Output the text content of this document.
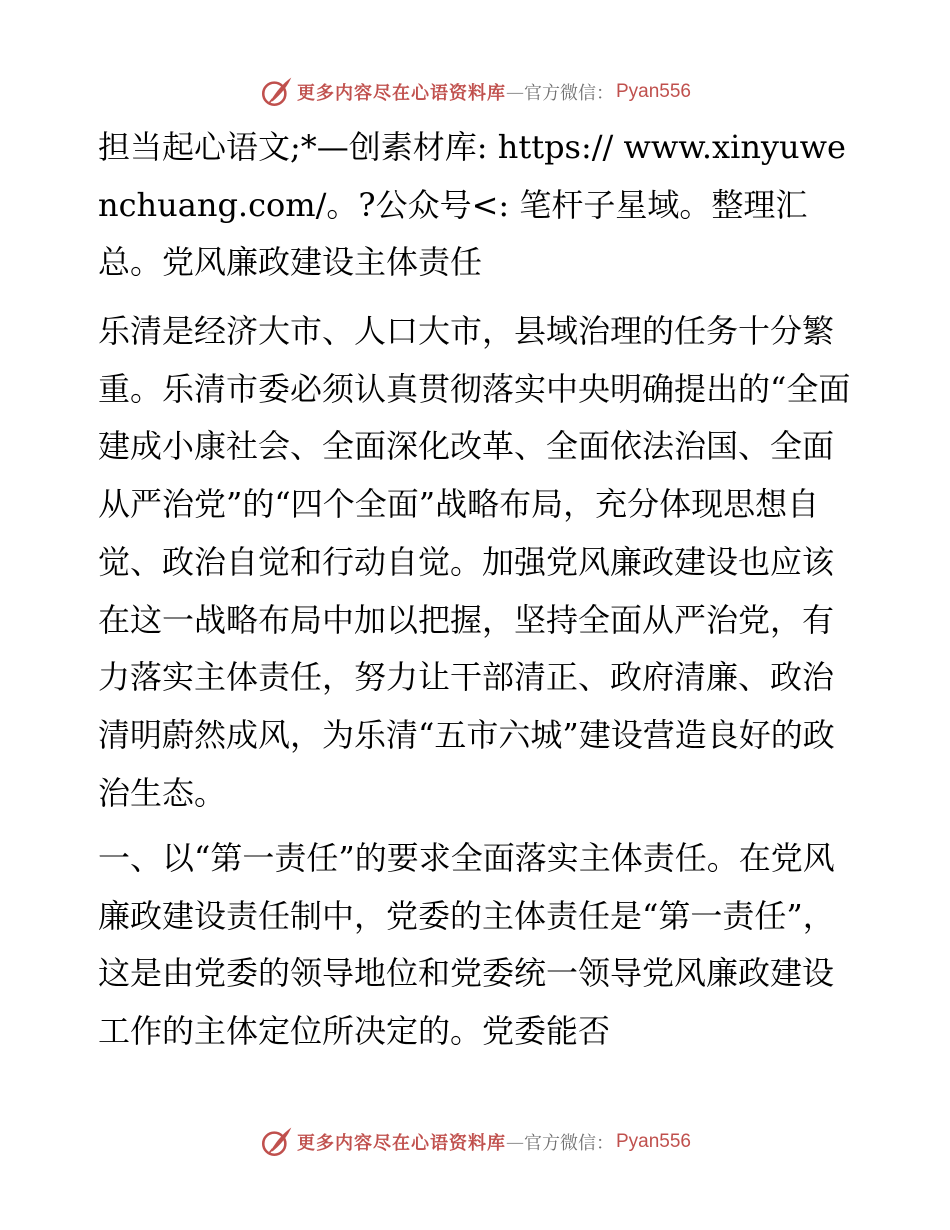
更多内容尽在心语资料库 — 官方微信： Pyan556

担当起心语文;*—创素材库: https:// www.xinyuwenchuang.com/。?公众号<: 笔杆子星域。整理汇总。党风廉政建设主体责任

乐清是经济大市、人口大市，县域治理的任务十分繁重。乐清市委必须认真贯彻落实中央明确提出的“全面建成小康社会、全面深化改革、全面依法治国、全面从严治党”的“四个全面”战略布局，充分体现思想自觉、政治自觉和行动自觉。加强党风廉政建设也应该在这一战略布局中加以把握，坚持全面从严治党，有力落实主体责任，努力让干部清正、政府清廉、政治清明蔚然成风，为乐清“五市六城”建设营造良好的政治生态。

一、以“第一责任”的要求全面落实主体责任。在党风廉政建设责任制中，党委的主体责任是“第一责任”，这是由党委的领导地位和党委统一领导党风廉政建设工作的主体定位所决定的。党委能否

更多内容尽在心语资料库 — 官方微信： Pyan556
